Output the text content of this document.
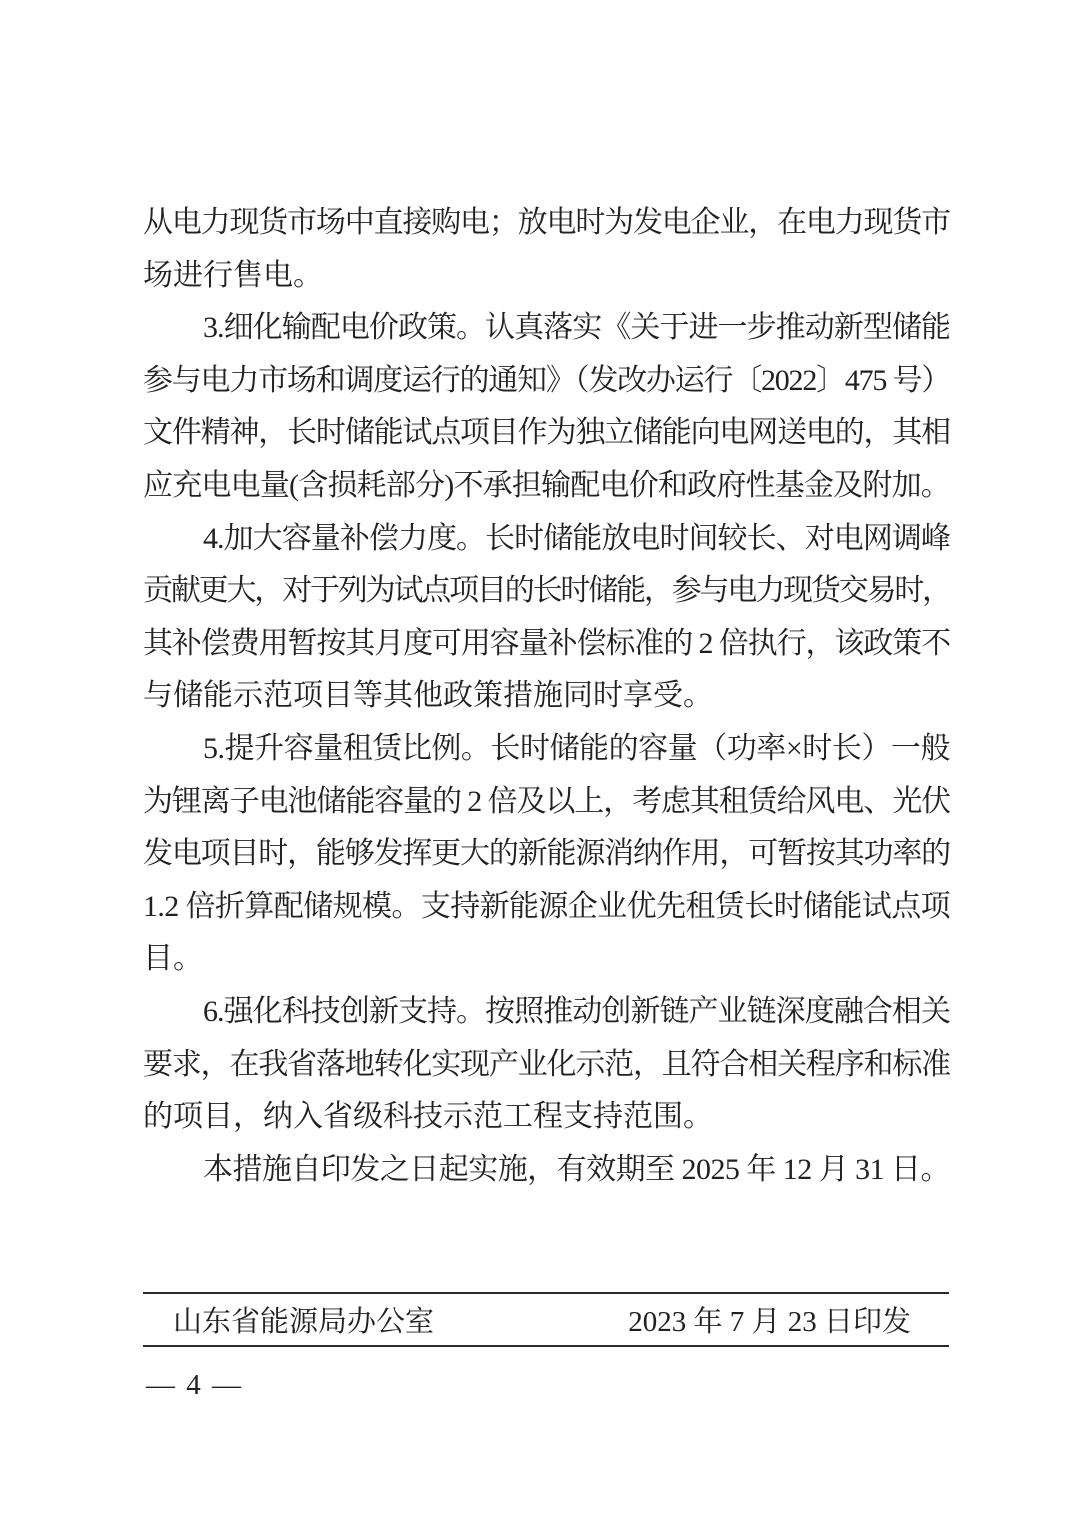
从电力现货市场中直接购电；放电时为发电企业，在电力现货市
场进行售电。
3.细化输配电价政策。认真落实《关于进一步推动新型储能
参与电力市场和调度运行的通知》（发改办运行〔2022〕475 号）
文件精神，长时储能试点项目作为独立储能向电网送电的，其相
应充电电量(含损耗部分)不承担输配电价和政府性基金及附加。
4.加大容量补偿力度。长时储能放电时间较长、对电网调峰
贡献更大，对于列为试点项目的长时储能，参与电力现货交易时，
其补偿费用暂按其月度可用容量补偿标准的 2 倍执行，该政策不
与储能示范项目等其他政策措施同时享受。
5.提升容量租赁比例。长时储能的容量（功率×时长）一般
为锂离子电池储能容量的 2 倍及以上，考虑其租赁给风电、光伏
发电项目时，能够发挥更大的新能源消纳作用，可暂按其功率的
1.2 倍折算配储规模。支持新能源企业优先租赁长时储能试点项
目。
6.强化科技创新支持。按照推动创新链产业链深度融合相关
要求，在我省落地转化实现产业化示范，且符合相关程序和标准
的项目，纳入省级科技示范工程支持范围。
本措施自印发之日起实施，有效期至 2025 年 12 月 31 日。
山东省能源局办公室	2023 年 7 月 23 日印发
— 4 —
